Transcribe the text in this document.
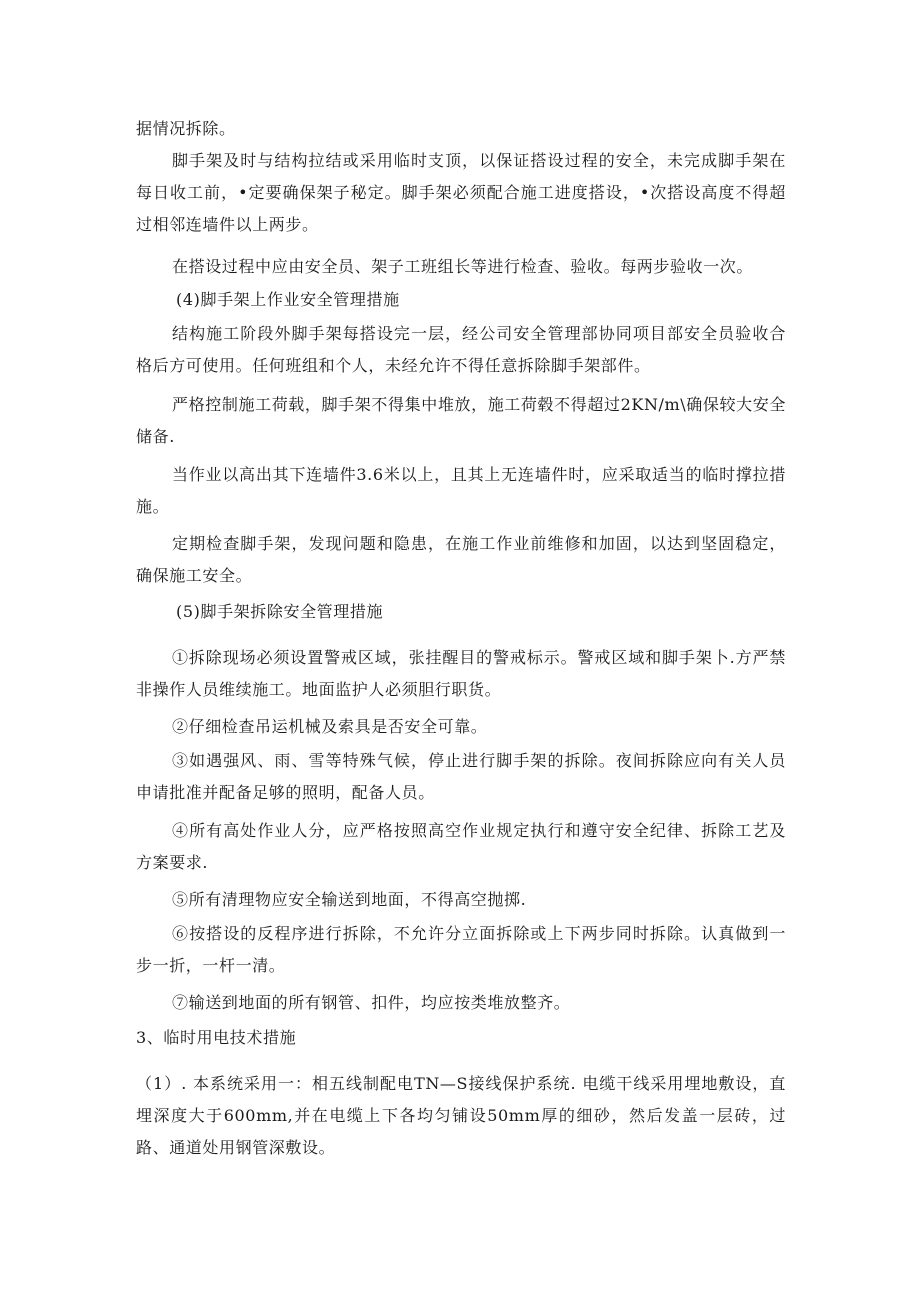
据情况拆除。

脚手架及时与结构拉结或采用临时支顶，以保证搭设过程的安全，未完成脚手架在每日收工前，•定要确保架子秘定。脚手架必须配合施工进度搭设，•次搭设高度不得超过相邻连墙件以上两步。

在搭设过程中应由安全员、架子工班组长等进行检查、验收。每两步验收一次。

(4)脚手架上作业安全管理措施

结构施工阶段外脚手架每搭设完一层，经公司安全管理部协同项目部安全员验收合格后方可使用。任何班组和个人，未经允许不得任意拆除脚手架部件。

严格控制施工荷载，脚手架不得集中堆放，施工荷毂不得超过2KN∕m\确保较大安全储备.

当作业以高出其下连墙件3.6米以上，且其上无连墙件时，应采取适当的临时撑拉措施。

定期检查脚手架，发现问题和隐患，在施工作业前维修和加固，以达到坚固稳定，确保施工安全。

(5)脚手架拆除安全管理措施

①拆除现场必须设置警戒区域，张挂醒目的警戒标示。警戒区域和脚手架卜.方严禁非操作人员维续施工。地面监护人必须胆行职货。

②仔细检查吊运机械及索具是否安全可靠。

③如遇强风、雨、雪等特殊气候，停止进行脚手架的拆除。夜间拆除应向有关人员申请批准并配备足够的照明，配备人员。

④所有高处作业人分，应严格按照高空作业规定执行和遵守安全纪律、拆除工艺及方案要求.

⑤所有清理物应安全输送到地面，不得高空抛掷.

⑥按搭设的反程序进行拆除，不允许分立面拆除或上下两步同时拆除。认真做到一步一折，一杆一清。

⑦输送到地面的所有钢管、扣件，均应按类堆放整齐。

3、临时用电技术措施

（1）. 本系统采用一：相五线制配电TN—S接线保护系统. 电缆干线采用埋地敷设，直埋深度大于600mm,并在电缆上下各均匀铺设50mm厚的细砂，然后发盖一层砖，过路、通道处用钢管深敷设。
